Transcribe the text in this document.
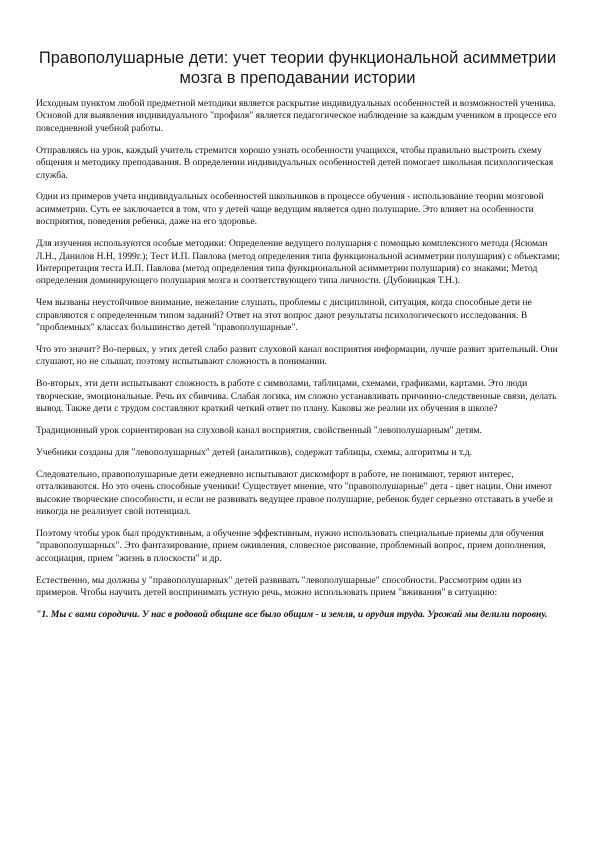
Правополушарные дети: учет теории функциональной асимметрии мозга в преподавании истории

Исходным пунктом любой предметной методики является раскрытие индивидуальных особенностей и возможностей ученика. Основой для выявления индивидуального "профиля" является педагогическое наблюдение за каждым учеником в процессе его повседневной учебной работы.

Отправляясь на урок, каждый учитель стремится хорошо узнать особенности учащихся, чтобы правильно выстроить схему общения и методику преподавания. В определении индивидуальных особенностей детей помогает школьная психологическая служба.

Одни из примеров учета индивидуальных особенностей школьников в процессе обучения - использование теории мозговой асимметрии. Суть ее заключается в том, что у детей чаще ведущим является одно полушарие. Это влияет на особенности восприятия, поведения ребенка, даже на его здоровье.

Для изучения используются особые методики: Определение ведущего полушария с помощью комплексного метода (Ясюман Л.Н., Данилов Н.Н, 1999г.); Тест И.П. Павлова (метод определения типа функциональной асимметрии полушария) с объектами; Интерпретация теста И.П. Павлова (метод определения типа функциональной асимметрии полушария) со знаками; Метод определения доминирующего полушария мозга и соответствующего типа личности. (Дубовицкая Т.Н.).

Чем вызваны неустойчивое внимание, нежелание слушать, проблемы с дисциплиной, ситуация, когда способные дети не справляются с определенным типом заданий? Ответ на этот вопрос дают результаты психологического исследования. В "проблемных" классах большинство детей "правополушарные".

Что это значит? Во-первых, у этих детей слабо развит слуховой канал восприятия информации, лучше развит зрительный. Они слушают, но не слышат, поэтому испытывают сложность в понимании.

Во-вторых, эти дети испытывают сложность в работе с символами, таблицами, схемами, графиками, картами. Это люди творческие, эмоциональные. Речь их сбивчива. Слабая логика, им сложно устанавливать причинно-следственные связи, делать вывод. Также дети с трудом составляют краткий четкий ответ по плану. Каковы же реалии их обучения в школе?

Традиционный урок сориентирован на слуховой канал восприятия, свойственный "левополушарным" детям.

Учебники созданы для "левополушарных" детей (аналитиков), содержат таблицы, схемы, алгоритмы и т.д.

Следовательно, правополушарные дети ежедневно испытывают дискомфорт в работе, не понимают, теряют интерес, отталкиваются. Но это очень способные ученики! Существует мнение, что "правополушарные" дета - цвет нации. Они имеют высокие творческие способности, и если не развивать ведущее правое полушарие, ребенок будет серьезно отставать в учебе и никогда не реализует свой потенциал.

Поэтому чтобы урок был продуктивным, а обучение эффективным, нужно использовать специальные приемы для обучения "правополушарных". Это фантазирование, прием оживления, словесное рисование, проблемный вопрос, прием дополнения, ассоциация, прием "жизнь в плоскости" и др.

Естественно, мы должны у "правополушарных" детей развивать "левополушарные" способности. Рассмотрим один из примеров. Чтобы научить детей воспринимать устную речь, можно использовать прием "вживания" в ситуацию:

"1. Мы с вами сородичи. У нас в родовой общине все было общим - и земля, и орудия труда. Урожай мы делили поровну.
